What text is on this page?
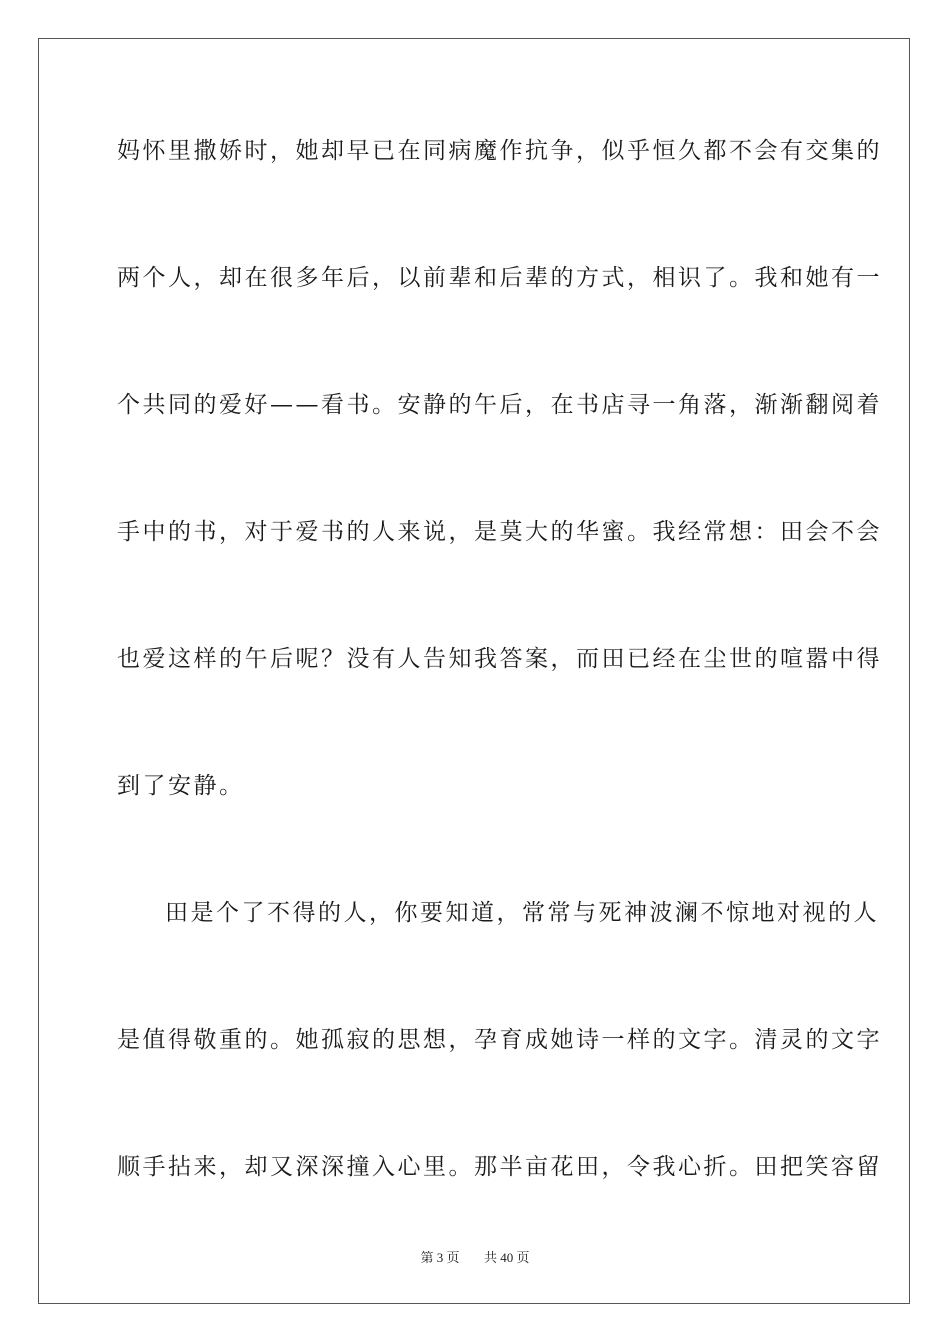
妈怀里撒娇时，她却早已在同病魔作抗争，似乎恒久都不会有交集的
两个人，却在很多年后，以前辈和后辈的方式，相识了。我和她有一
个共同的爱好——看书。安静的午后，在书店寻一角落，渐渐翻阅着
手中的书，对于爱书的人来说，是莫大的华蜜。我经常想：田会不会
也爱这样的午后呢？没有人告知我答案，而田已经在尘世的喧嚣中得
到了安静。
田是个了不得的人，你要知道，常常与死神波澜不惊地对视的人
是值得敬重的。她孤寂的思想，孕育成她诗一样的文字。清灵的文字
顺手拈来，却又深深撞入心里。那半亩花田，令我心折。田把笑容留
第 3 页 共 40 页
